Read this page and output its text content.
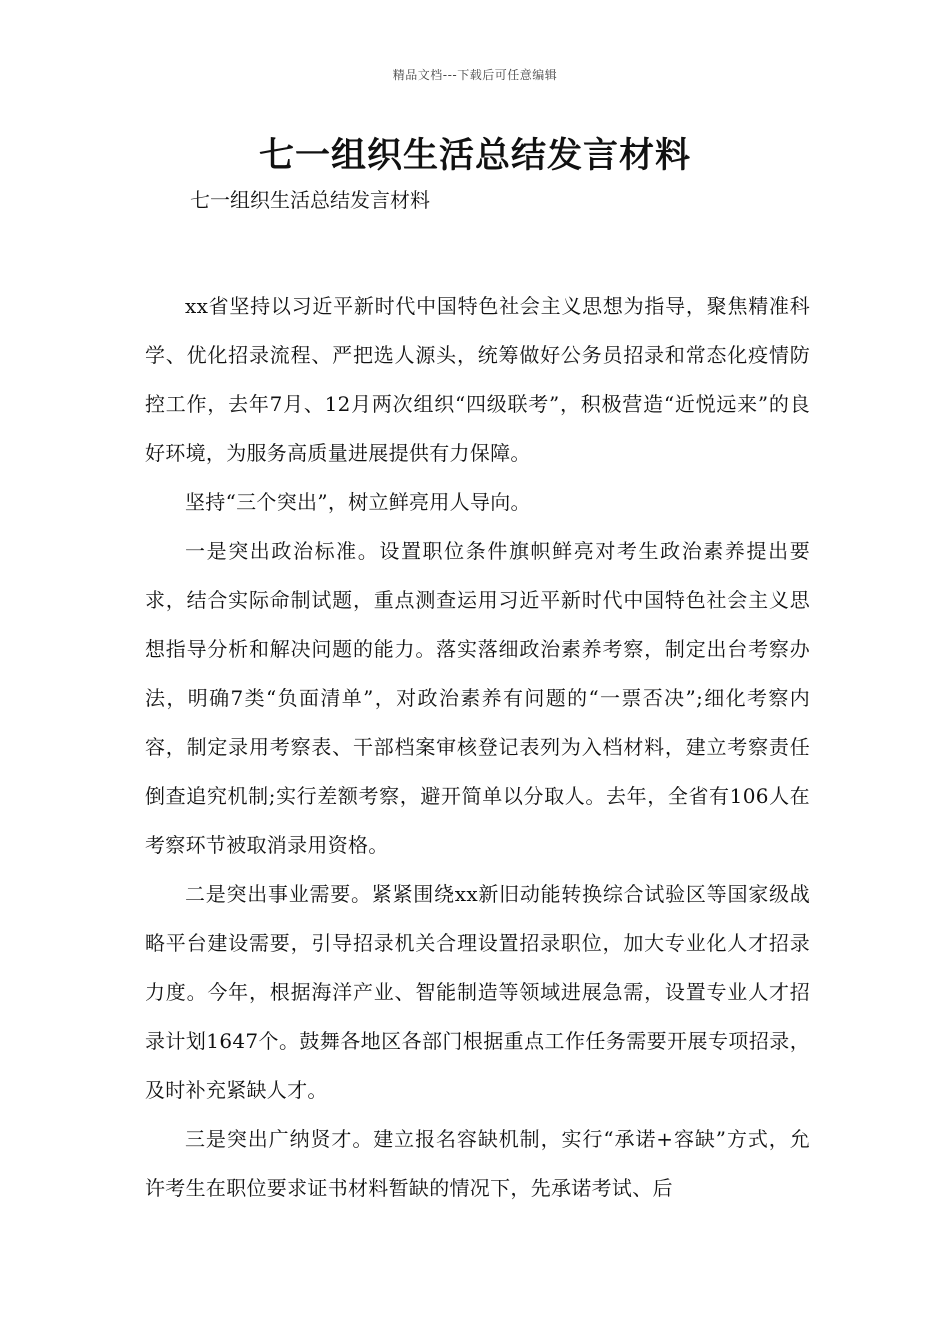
精品文档---下载后可任意编辑
七一组织生活总结发言材料
七一组织生活总结发言材料

xx省坚持以习近平新时代中国特色社会主义思想为指导，聚焦精准科学、优化招录流程、严把选人源头，统筹做好公务员招录和常态化疫情防控工作，去年7月、12月两次组织“四级联考”，积极营造“近悦远来”的良好环境，为服务高质量进展提供有力保障。

坚持“三个突出”，树立鲜亮用人导向。

一是突出政治标准。设置职位条件旗帜鲜亮对考生政治素养提出要求，结合实际命制试题，重点测查运用习近平新时代中国特色社会主义思想指导分析和解决问题的能力。落实落细政治素养考察，制定出台考察办法，明确7类“负面清单”，对政治素养有问题的“一票否决”;细化考察内容，制定录用考察表、干部档案审核登记表列为入档材料，建立考察责任倒查追究机制;实行差额考察，避开简单以分取人。去年，全省有106人在考察环节被取消录用资格。

二是突出事业需要。紧紧围绕xx新旧动能转换综合试验区等国家级战略平台建设需要，引导招录机关合理设置招录职位，加大专业化人才招录力度。今年，根据海洋产业、智能制造等领域进展急需，设置专业人才招录计划1647个。鼓舞各地区各部门根据重点工作任务需要开展专项招录，及时补充紧缺人才。

三是突出广纳贤才。建立报名容缺机制，实行“承诺+容缺”方式，允许考生在职位要求证书材料暂缺的情况下，先承诺考试、后
